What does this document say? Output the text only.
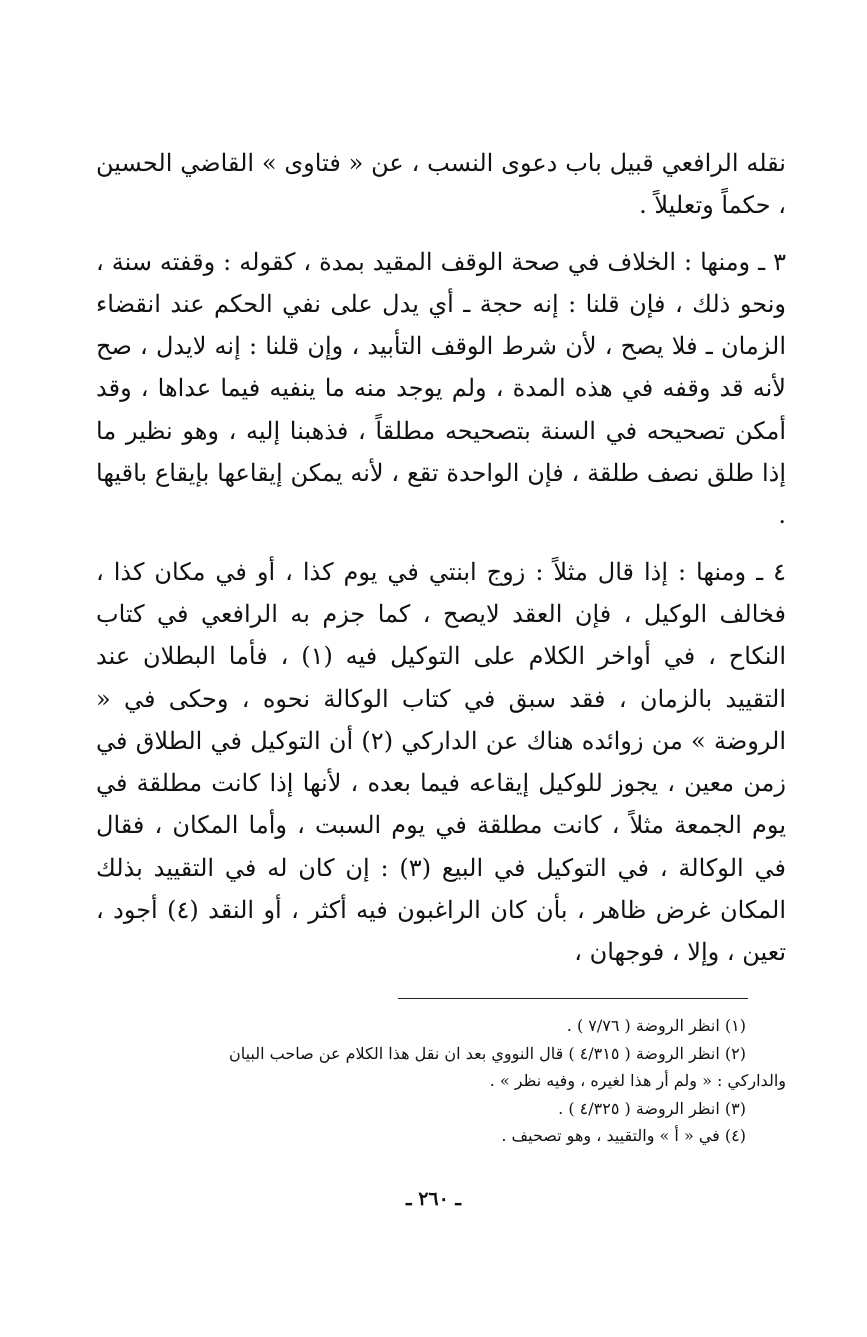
نقله الرافعي قبيل باب دعوى النسب ، عن « فتاوى » القاضي الحسين ، حكماً وتعليلاً .

٣ ـ ومنها : الخلاف في صحة الوقف المقيد بمدة ، كقوله : وقفته سنة ، ونحو ذلك ، فإن قلنا : إنه حجة ـ أي يدل على نفي الحكم عند انقضاء الزمان ـ فلا يصح ، لأن شرط الوقف التأبيد ، وإن قلنا : إنه لايدل ، صح لأنه قد وقفه في هذه المدة ، ولم يوجد منه ما ينفيه فيما عداها ، وقد أمكن تصحيحه في السنة بتصحيحه مطلقاً ، فذهبنا إليه ، وهو نظير ما إذا طلق نصف طلقة ، فإن الواحدة تقع ، لأنه يمكن إيقاعها بإيقاع باقيها .

٤ ـ ومنها : إذا قال مثلاً : زوج ابنتي في يوم كذا ، أو في مكان كذا ، فخالف الوكيل ، فإن العقد لايصح ، كما جزم به الرافعي في كتاب النكاح ، في أواخر الكلام على التوكيل فيه (١) ، فأما البطلان عند التقييد بالزمان ، فقد سبق في كتاب الوكالة نحوه ، وحكى في « الروضة » من زوائده هناك عن الداركي (٢) أن التوكيل في الطلاق في زمن معين ، يجوز للوكيل إيقاعه فيما بعده ، لأنها إذا كانت مطلقة في يوم الجمعة مثلاً ، كانت مطلقة في يوم السبت ، وأما المكان ، فقال في الوكالة ، في التوكيل في البيع (٣) : إن كان له في التقييد بذلك المكان غرض ظاهر ، بأن كان الراغبون فيه أكثر ، أو النقد (٤) أجود ، تعين ، وإلا ، فوجهان ،

(١) انظر الروضة ( ٧/٧٦ ) .

(٢) انظر الروضة ( ٤/٣١٥ ) قال النووي بعد ان نقل هذا الكلام عن صاحب البيان

والداركي : « ولم أر هذا لغيره ، وفيه نظر » .

(٣) انظر الروضة ( ٤/٣٢٥ ) .

(٤) في « أ » والتقييد ، وهو تصحيف .

ـ ٢٦٠ ـ
